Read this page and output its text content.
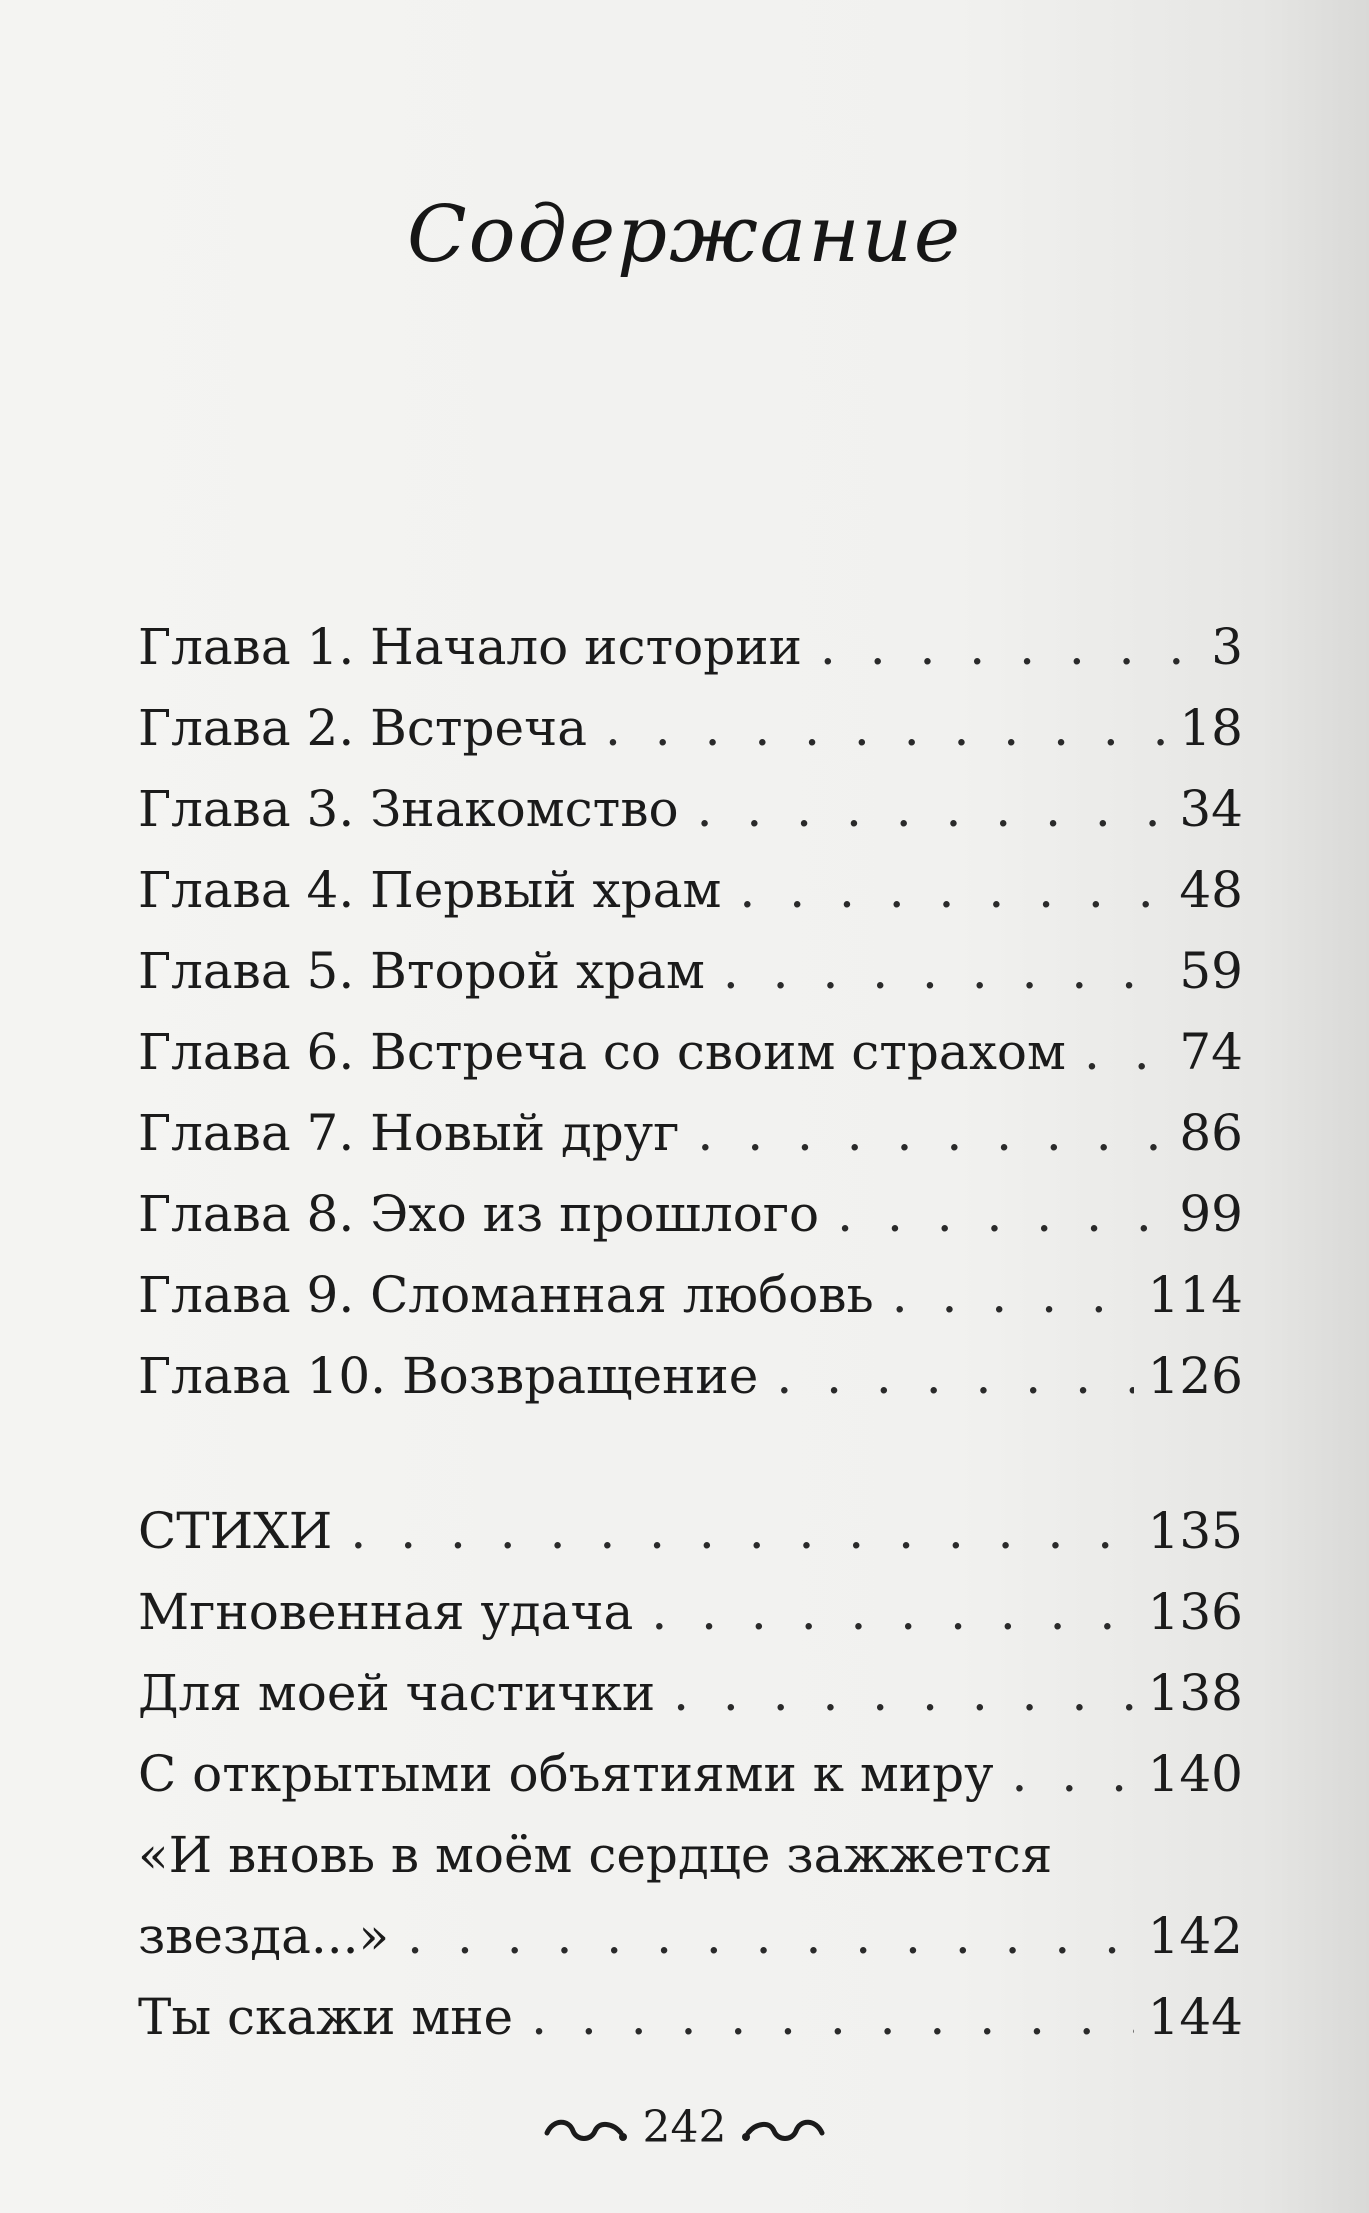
Содержание
Глава 1. Начало истории . . .	3
Глава 2. Встреча . . .	18
Глава 3. Знакомство . . .	34
Глава 4. Первый храм . . .	48
Глава 5. Второй храм . . .	59
Глава 6. Встреча со своим страхом . . . 74
Глава 7. Новый друг . . .	86
Глава 8. Эхо из прошлого . . .	99
Глава 9. Сломанная любовь . . .	114
Глава 10. Возвращение . . .	126
СТИХИ . . .	135
Мгновенная удача . . .	136
Для моей частички . . .	138
С открытыми объятиями к миру . . .	140
«И вновь в моём сердце зажжется
звезда...» . . .	142
Ты скажи мне . . .	144
242
